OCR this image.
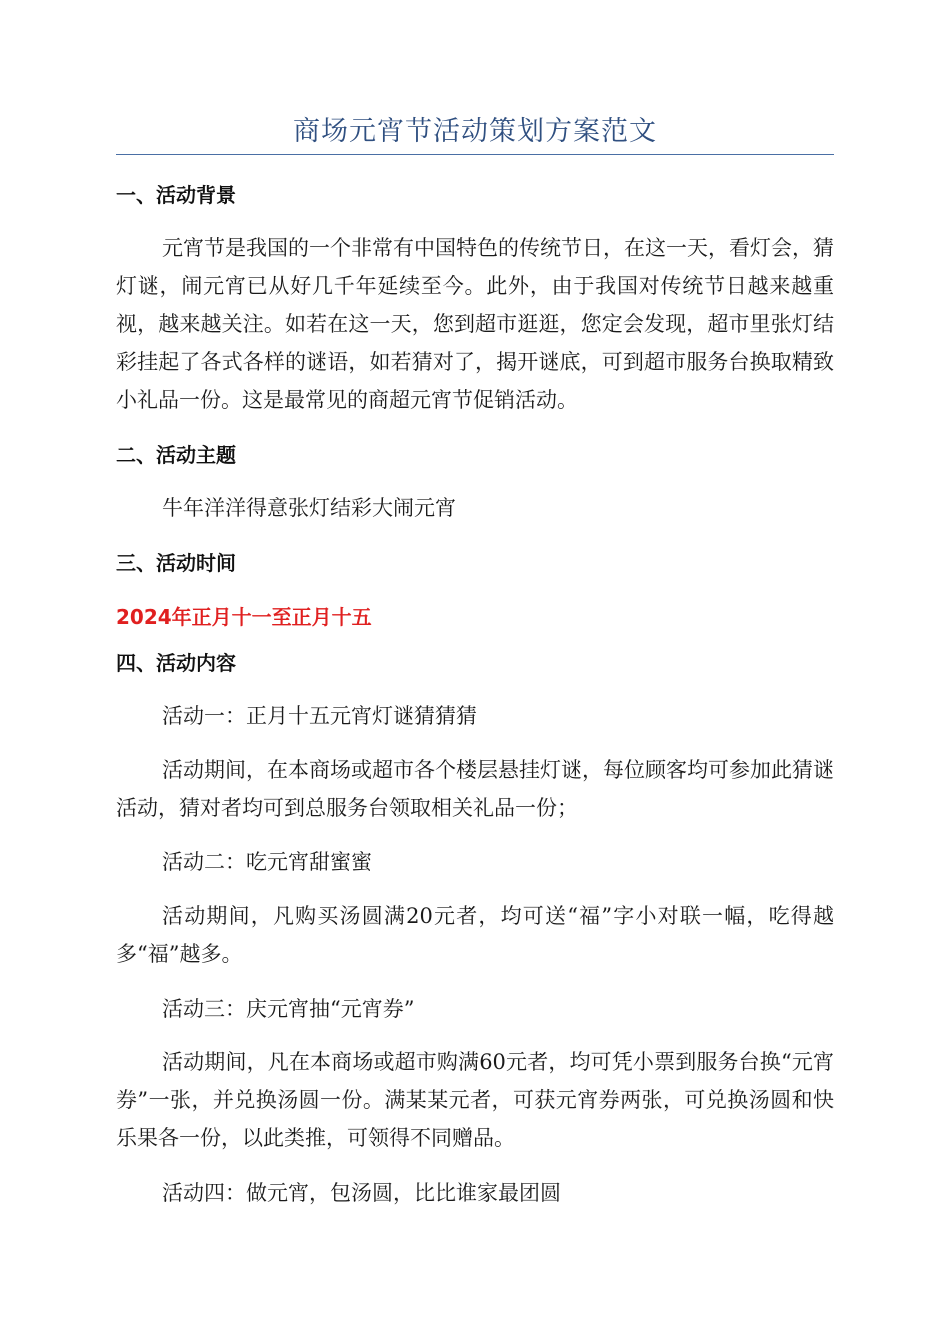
商场元宵节活动策划方案范文
一、活动背景
元宵节是我国的一个非常有中国特色的传统节日，在这一天，看灯会，猜灯谜，闹元宵已从好几千年延续至今。此外，由于我国对传统节日越来越重视，越来越关注。如若在这一天，您到超市逛逛，您定会发现，超市里张灯结彩挂起了各式各样的谜语，如若猜对了，揭开谜底，可到超市服务台换取精致小礼品一份。这是最常见的商超元宵节促销活动。
二、活动主题
牛年洋洋得意张灯结彩大闹元宵
三、活动时间
2024年正月十一至正月十五
四、活动内容
活动一：正月十五元宵灯谜猜猜猜
活动期间，在本商场或超市各个楼层悬挂灯谜，每位顾客均可参加此猜谜活动，猜对者均可到总服务台领取相关礼品一份；
活动二：吃元宵甜蜜蜜
活动期间，凡购买汤圆满20元者，均可送“福”字小对联一幅，吃得越多“福”越多。
活动三：庆元宵抽“元宵券”
活动期间，凡在本商场或超市购满60元者，均可凭小票到服务台换“元宵券”一张，并兑换汤圆一份。满某某元者，可获元宵券两张，可兑换汤圆和快乐果各一份，以此类推，可领得不同赠品。
活动四：做元宵，包汤圆，比比谁家最团圆
